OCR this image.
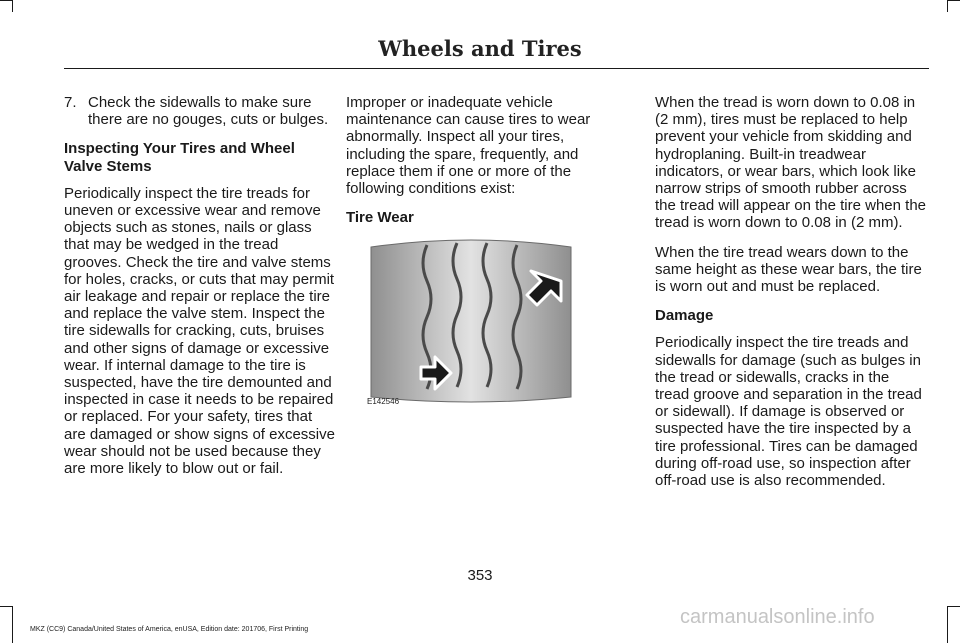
Wheels and Tires
7. Check the sidewalls to make sure there are no gouges, cuts or bulges.

Inspecting Your Tires and Wheel Valve Stems

Periodically inspect the tire treads for uneven or excessive wear and remove objects such as stones, nails or glass that may be wedged in the tread grooves. Check the tire and valve stems for holes, cracks, or cuts that may permit air leakage and repair or replace the tire and replace the valve stem. Inspect the tire sidewalls for cracking, cuts, bruises and other signs of damage or excessive wear. If internal damage to the tire is suspected, have the tire demounted and inspected in case it needs to be repaired or replaced. For your safety, tires that are damaged or show signs of excessive wear should not be used because they are more likely to blow out or fail.

Improper or inadequate vehicle maintenance can cause tires to wear abnormally. Inspect all your tires, including the spare, frequently, and replace them if one or more of the following conditions exist:

Tire Wear

E142546

When the tread is worn down to 0.08 in (2 mm), tires must be replaced to help prevent your vehicle from skidding and hydroplaning. Built-in treadwear indicators, or wear bars, which look like narrow strips of smooth rubber across the tread will appear on the tire when the tread is worn down to 0.08 in (2 mm).

When the tire tread wears down to the same height as these wear bars, the tire is worn out and must be replaced.

Damage

Periodically inspect the tire treads and sidewalls for damage (such as bulges in the tread or sidewalls, cracks in the tread groove and separation in the tread or sidewall). If damage is observed or suspected have the tire inspected by a tire professional. Tires can be damaged during off-road use, so inspection after off-road use is also recommended.

353
MKZ (CC9) Canada/United States of America, enUSA, Edition date: 201706, First Printing
carmanualsonline.info
